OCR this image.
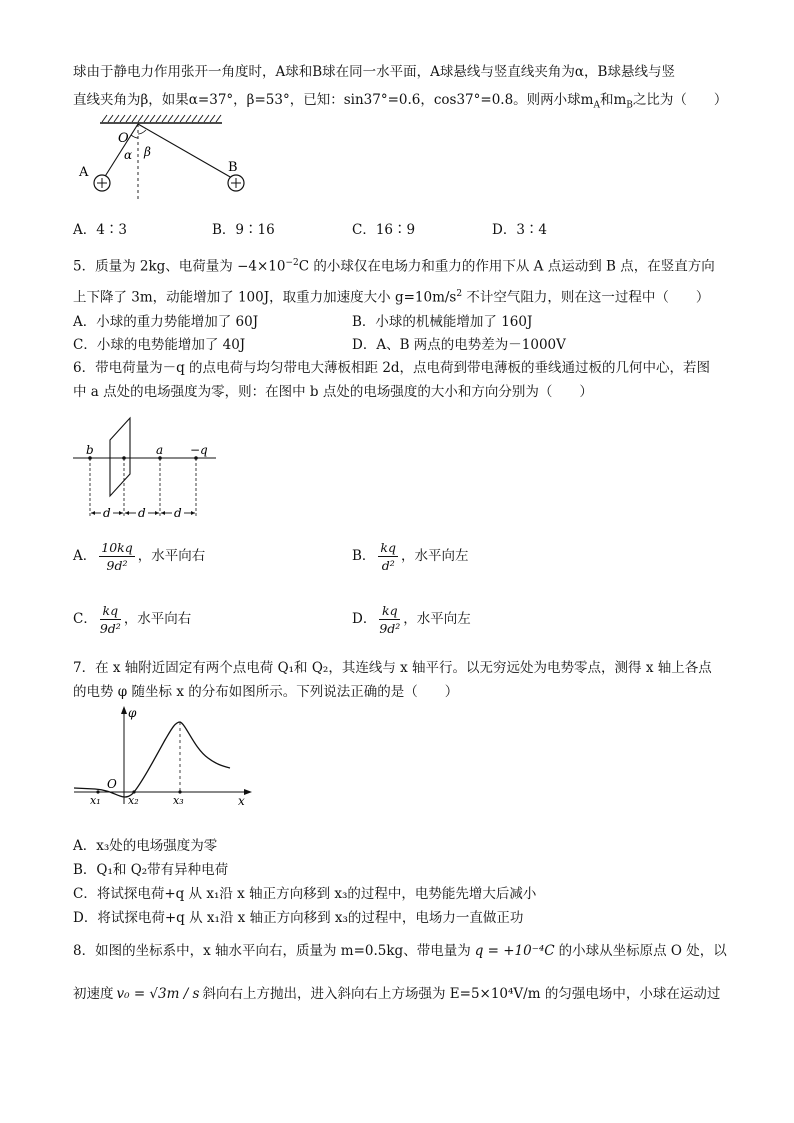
球由于静电力作用张开一角度时，A球和B球在同一水平面，A球悬线与竖直线夹角为α，B球悬线与竖
直线夹角为β，如果α=37°，β=53°，已知：sin37°=0.6，cos37°=0.8。则两小球$m_A$和$m_B$之比为（　　）
O
α β
A	B
A．4∶3	B．9∶16	C．16∶9	D．3∶4
5．质量为 2kg、电荷量为 $-4\times 10^{-2}C$ 的小球仅在电场力和重力的作用下从 A 点运动到 B 点，在竖直方向
上下降了 3m，动能增加了 100J，取重力加速度大小 $g=10m/s^2$ 不计空气阻力，则在这一过程中（　　）
A．小球的重力势能增加了 60J	B．小球的机械能增加了 160J
C．小球的电势能增加了 40J	D．A、B 两点的电势差为－1000V
6．带电荷量为－q 的点电荷与均匀带电大薄板相距 2d，点电荷到带电薄板的垂线通过板的几何中心，若图
中 a 点处的电场强度为零，则：在图中 b 点处的电场强度的大小和方向分别为（　　）
b	a −q
d d d
A． $\frac{10kq}{\text{9d²}}$ ，水平向右	B． $\frac{kq}{\text{d²}}$ ，水平向左
C． $\frac{kq}{\text{9d²}}$ ，水平向右	D． $\frac{kq}{\text{9d²}}$ ，水平向左
7．在 x 轴附近固定有两个点电荷 Q₁和 Q₂，其连线与 x 轴平行。以无穷远处为电势零点，测得 x 轴上各点
的电势 φ 随坐标 x 的分布如图所示。下列说法正确的是（　　）
φ
O
x
x₁ x₂	x₃
A．x₃处的电场强度为零
B．Q₁和 Q₂带有异种电荷
C．将试探电荷+q 从 x₁沿 x 轴正方向移到 x₃的过程中，电势能先增大后减小
D．将试探电荷+q 从 x₁沿 x 轴正方向移到 x₃的过程中，电场力一直做正功
8．如图的坐标系中，x 轴水平向右，质量为 m=0.5kg、带电量为 q = +10⁻⁴C 的小球从坐标原点 O 处，以
初速度 v₀ = √3m / s 斜向右上方抛出，进入斜向右上方场强为 E=5×10⁴V/m 的匀强电场中，小球在运动过
